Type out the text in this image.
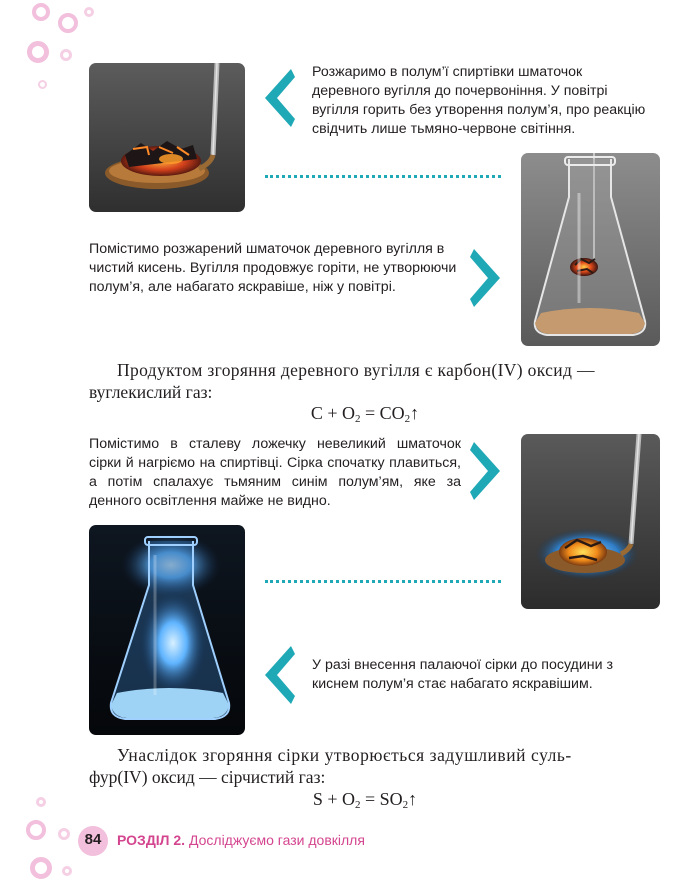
Розжаримо в полум’ї спиртівки шматочок деревного вугілля до почервоніння. У повітрі вугілля горить без утворення полум’я, про реакцію свідчить лише тьмяно-червоне світіння.
Помістимо розжарений шматочок деревного вугілля в чистий кисень. Вугілля продовжує горіти, не утворюючи полум’я, але набагато яскравіше, ніж у повітрі.
Продуктом згоряння деревного вугілля є карбон(IV) оксид —
вуглекислий газ:
$C + O_2$ = $CO_2↑$
Помістимо в сталеву ложечку невеликий шматочок сірки й нагріємо на спиртівці. Сірка спочатку плавиться, а потім спалахує тьмяним синім полум’ям, яке за денного освітлення майже не видно.
У разі внесення палаючої сірки до посудини з киснем полум’я стає набагато яскравішим.
Унаслідок згоряння сірки утворюється задушливий суль-
фур(IV) оксид — сірчистий газ:
$S + O_2$ = $SO_2↑$
84	РОЗДІЛ 2. Досліджуємо гази довкілля
